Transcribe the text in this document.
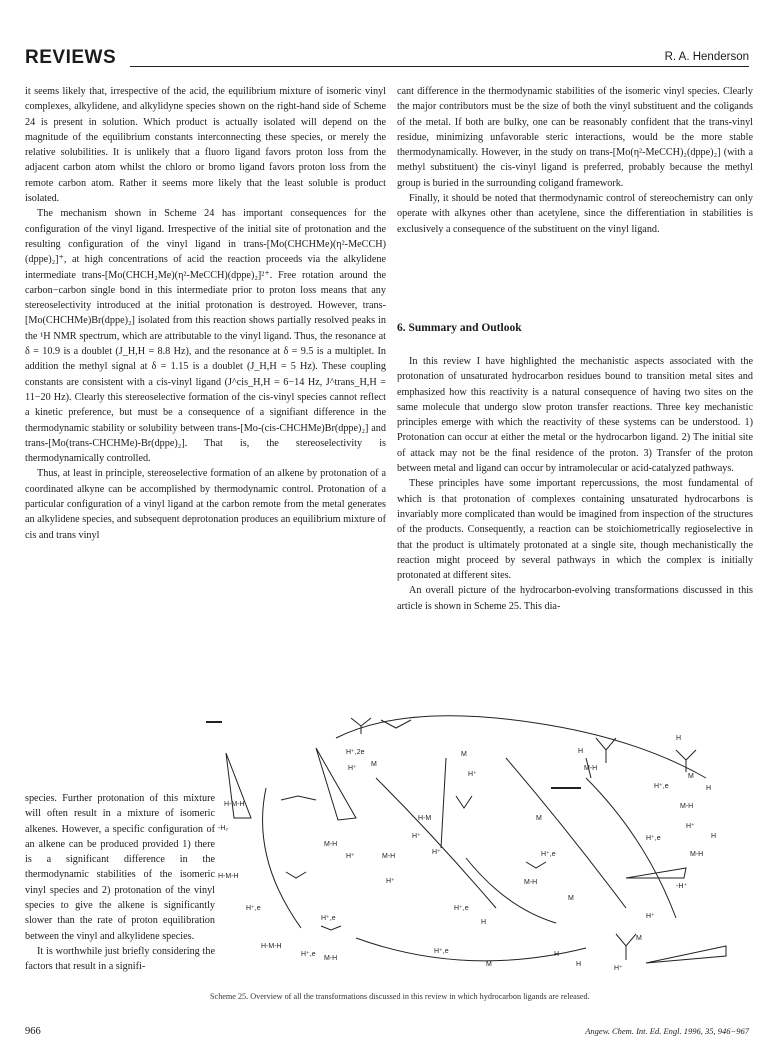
REVIEWS	R. A. Henderson

it seems likely that, irrespective of the acid, the equilibrium mixture of isomeric vinyl complexes, alkylidene, and alkylidyne species shown on the right-hand side of Scheme 24 is present in solution. Which product is actually isolated will depend on the magnitude of the equilibrium constants interconnecting these species, or merely the relative solubilities. It is unlikely that a fluoro ligand favors proton loss from the adjacent carbon atom whilst the chloro or bromo ligand favors proton loss from the remote carbon atom. Rather it seems more likely that the least soluble is product isolated.

The mechanism shown in Scheme 24 has important consequences for the configuration of the vinyl ligand. Irrespective of the initial site of protonation and the resulting configuration of the vinyl ligand in trans-[Mo(CHCHMe)(η²-MeCCH)(dppe)₂]⁺, at high concentrations of acid the reaction proceeds via the alkylidene intermediate trans-[Mo(CHCH₂Me)(η²-MeCCH)(dppe)₂]²⁺. Free rotation around the carbon−carbon single bond in this intermediate prior to proton loss means that any stereoselectivity introduced at the initial protonation is destroyed. However, trans-[Mo(CHCHMe)Br(dppe)₂] isolated from this reaction shows partially resolved peaks in the ¹H NMR spectrum, which are attributable to the vinyl ligand. Thus, the resonance at δ = 10.9 is a doublet (J_H,H = 8.8 Hz), and the resonance at δ = 9.5 is a multiplet. In addition the methyl signal at δ = 1.15 is a doublet (J_H,H = 5 Hz). These coupling constants are consistent with a cis-vinyl ligand (J^cis_H,H = 6−14 Hz, J^trans_H,H = 11−20 Hz). Clearly this stereoselective formation of the cis-vinyl species cannot reflect a kinetic preference, but must be a consequence of a signifiant difference in the thermodynamic stability or solubility between trans-[Mo-(cis-CHCHMe)Br(dppe)₂] and trans-[Mo(trans-CHCHMe)-Br(dppe)₂]. That is, the stereoselectivity is thermodynamically controlled.

Thus, at least in principle, stereoselective formation of an alkene by protonation of a coordinated alkyne can be accomplished by thermodynamic control. Protonation of a particular configuration of a vinyl ligand at the carbon remote from the metal generates an alkylidene species, and subsequent deprotonation produces an equilibrium mixture of cis and trans vinyl

species. Further protonation of this mixture will often result in a mixture of isomeric alkenes. However, a specific configuration of an alkene can be produced provided 1) there is a significant difference in the thermodynamic stabilities of the isomeric vinyl species and 2) protonation of the vinyl species to give the alkene is significantly slower than the rate of proton equilibration between the vinyl and alkylidene species.

It is worthwhile just briefly considering the factors that result in a signifi-

cant difference in the thermodynamic stabilities of the isomeric vinyl species. Clearly the major contributors must be the size of both the vinyl substituent and the coligands of the metal. If both are bulky, one can be reasonably confident that the trans-vinyl residue, minimizing unfavorable steric interactions, would be the more stable thermodynamically. However, in the study on trans-[Mo(η²-MeCCH)₂(dppe)₂] (with a methyl substituent) the cis-vinyl ligand is preferred, probably because the methyl group is buried in the surrounding coligand framework.

Finally, it should be noted that thermodynamic control of stereochemistry can only operate with alkynes other than acetylene, since the differentiation in stabilities is exclusively a consequence of the substituent on the vinyl ligand.

6. Summary and Outlook

In this review I have highlighted the mechanistic aspects associated with the protonation of unsaturated hydrocarbon residues bound to transition metal sites and emphasized how this reactivity is a natural consequence of having two sites on the same molecule that undergo slow proton transfer reactions. Three key mechanistic principles emerge with which the reactivity of these systems can be understood. 1) Protonation can occur at either the metal or the hydrocarbon ligand. 2) The initial site of attack may not be the final residence of the proton. 3) Transfer of the proton between metal and ligand can occur by intramolecular or acid-catalyzed pathways.

These principles have some important repercussions, the most fundamental of which is that protonation of complexes containing unsaturated hydrocarbons is invariably more complicated than would be imagined from inspection of the structures of the products. Consequently, a reaction can be stoichiometrically regioselective in that the product is ultimately protonated at a single site, though mechanistically the reaction might proceed by several pathways in which the complex is initially protonated at different sites.

An overall picture of the hydrocarbon-evolving transformations discussed in this article is shown in Scheme 25. This dia-

H-M-H
-H₂
H-M-H
H⁺,e
H-M-H
H⁺,e
H⁺,e
M-H
H⁺,2e
H⁺
M
H⁺	M-H
H⁺
H-M
H⁺
M-H
H⁺
H⁺,e
H
H⁺,e
M
H⁺
M-H
H⁺,e
M
H
M-H
H
M
H⁺,e	H
M-H
H⁺
H⁺,e	H
M-H
-H⁺
H⁺
M
H
H
H⁺
M
M
Scheme 25. Overview of all the transformations discussed in this review in which hydrocarbon ligands are released.
966	Angew. Chem. Int. Ed. Engl. 1996, 35, 946−967
